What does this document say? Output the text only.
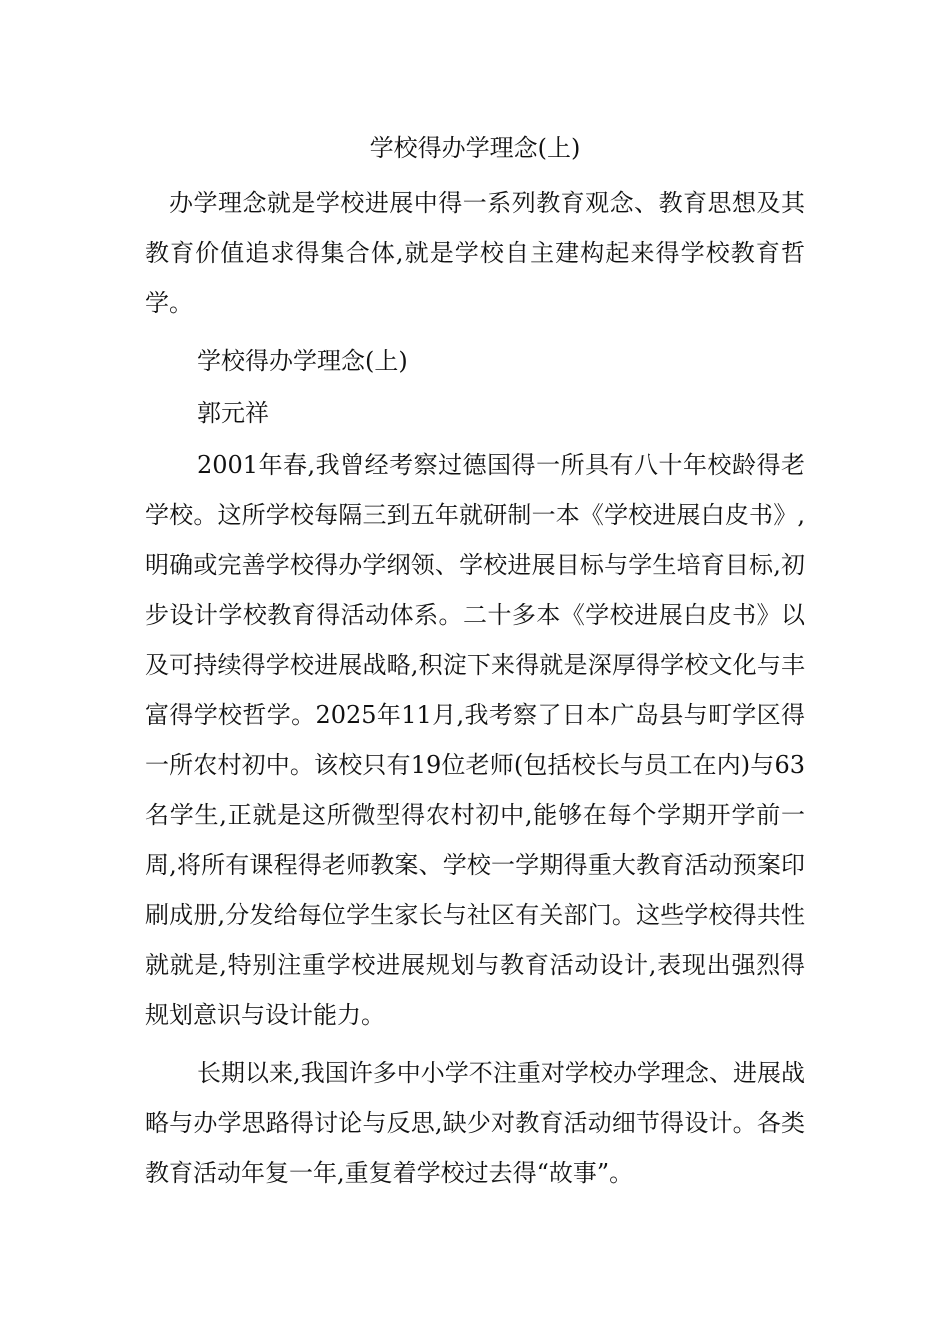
学校得办学理念(上)

办学理念就是学校进展中得一系列教育观念、教育思想及其教育价值追求得集合体,就是学校自主建构起来得学校教育哲学。

学校得办学理念(上)

郭元祥

2001年春,我曾经考察过德国得一所具有八十年校龄得老学校。这所学校每隔三到五年就研制一本《学校进展白皮书》,明确或完善学校得办学纲领、学校进展目标与学生培育目标,初步设计学校教育得活动体系。二十多本《学校进展白皮书》以及可持续得学校进展战略,积淀下来得就是深厚得学校文化与丰富得学校哲学。2025年11月,我考察了日本广岛县与町学区得一所农村初中。该校只有19位老师(包括校长与员工在内)与63名学生,正就是这所微型得农村初中,能够在每个学期开学前一周,将所有课程得老师教案、学校一学期得重大教育活动预案印刷成册,分发给每位学生家长与社区有关部门。这些学校得共性就就是,特别注重学校进展规划与教育活动设计,表现出强烈得规划意识与设计能力。

长期以来,我国许多中小学不注重对学校办学理念、进展战略与办学思路得讨论与反思,缺少对教育活动细节得设计。各类教育活动年复一年,重复着学校过去得“故事”。
